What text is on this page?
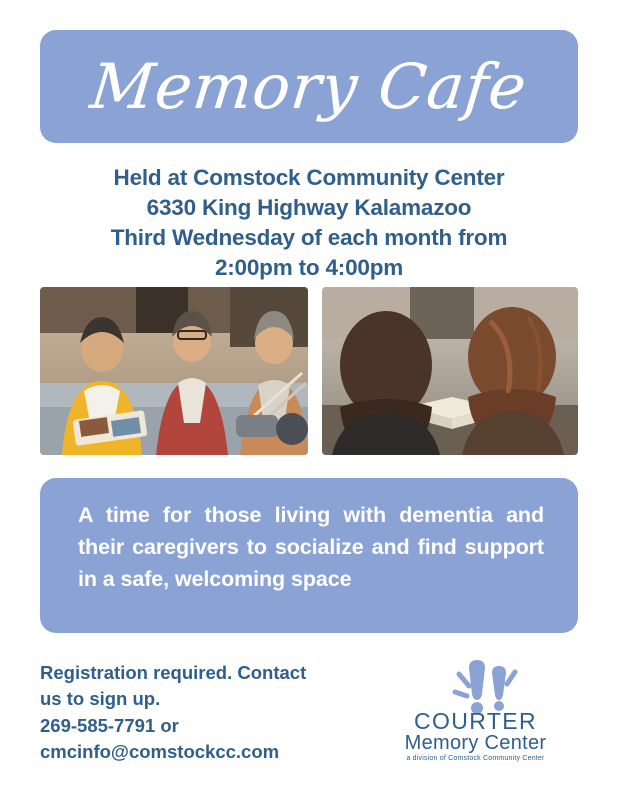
Memory Cafe
Held at Comstock Community Center
6330 King Highway Kalamazoo
Third Wednesday of each month from
2:00pm to 4:00pm
A time for those living with dementia and their caregivers to socialize and find support in a safe, welcoming space
Registration required. Contact
us to sign up.
269-585-7791 or
cmcinfo@comstockcc.com
COURTER
Memory Center
a division of Comstock Community Center
